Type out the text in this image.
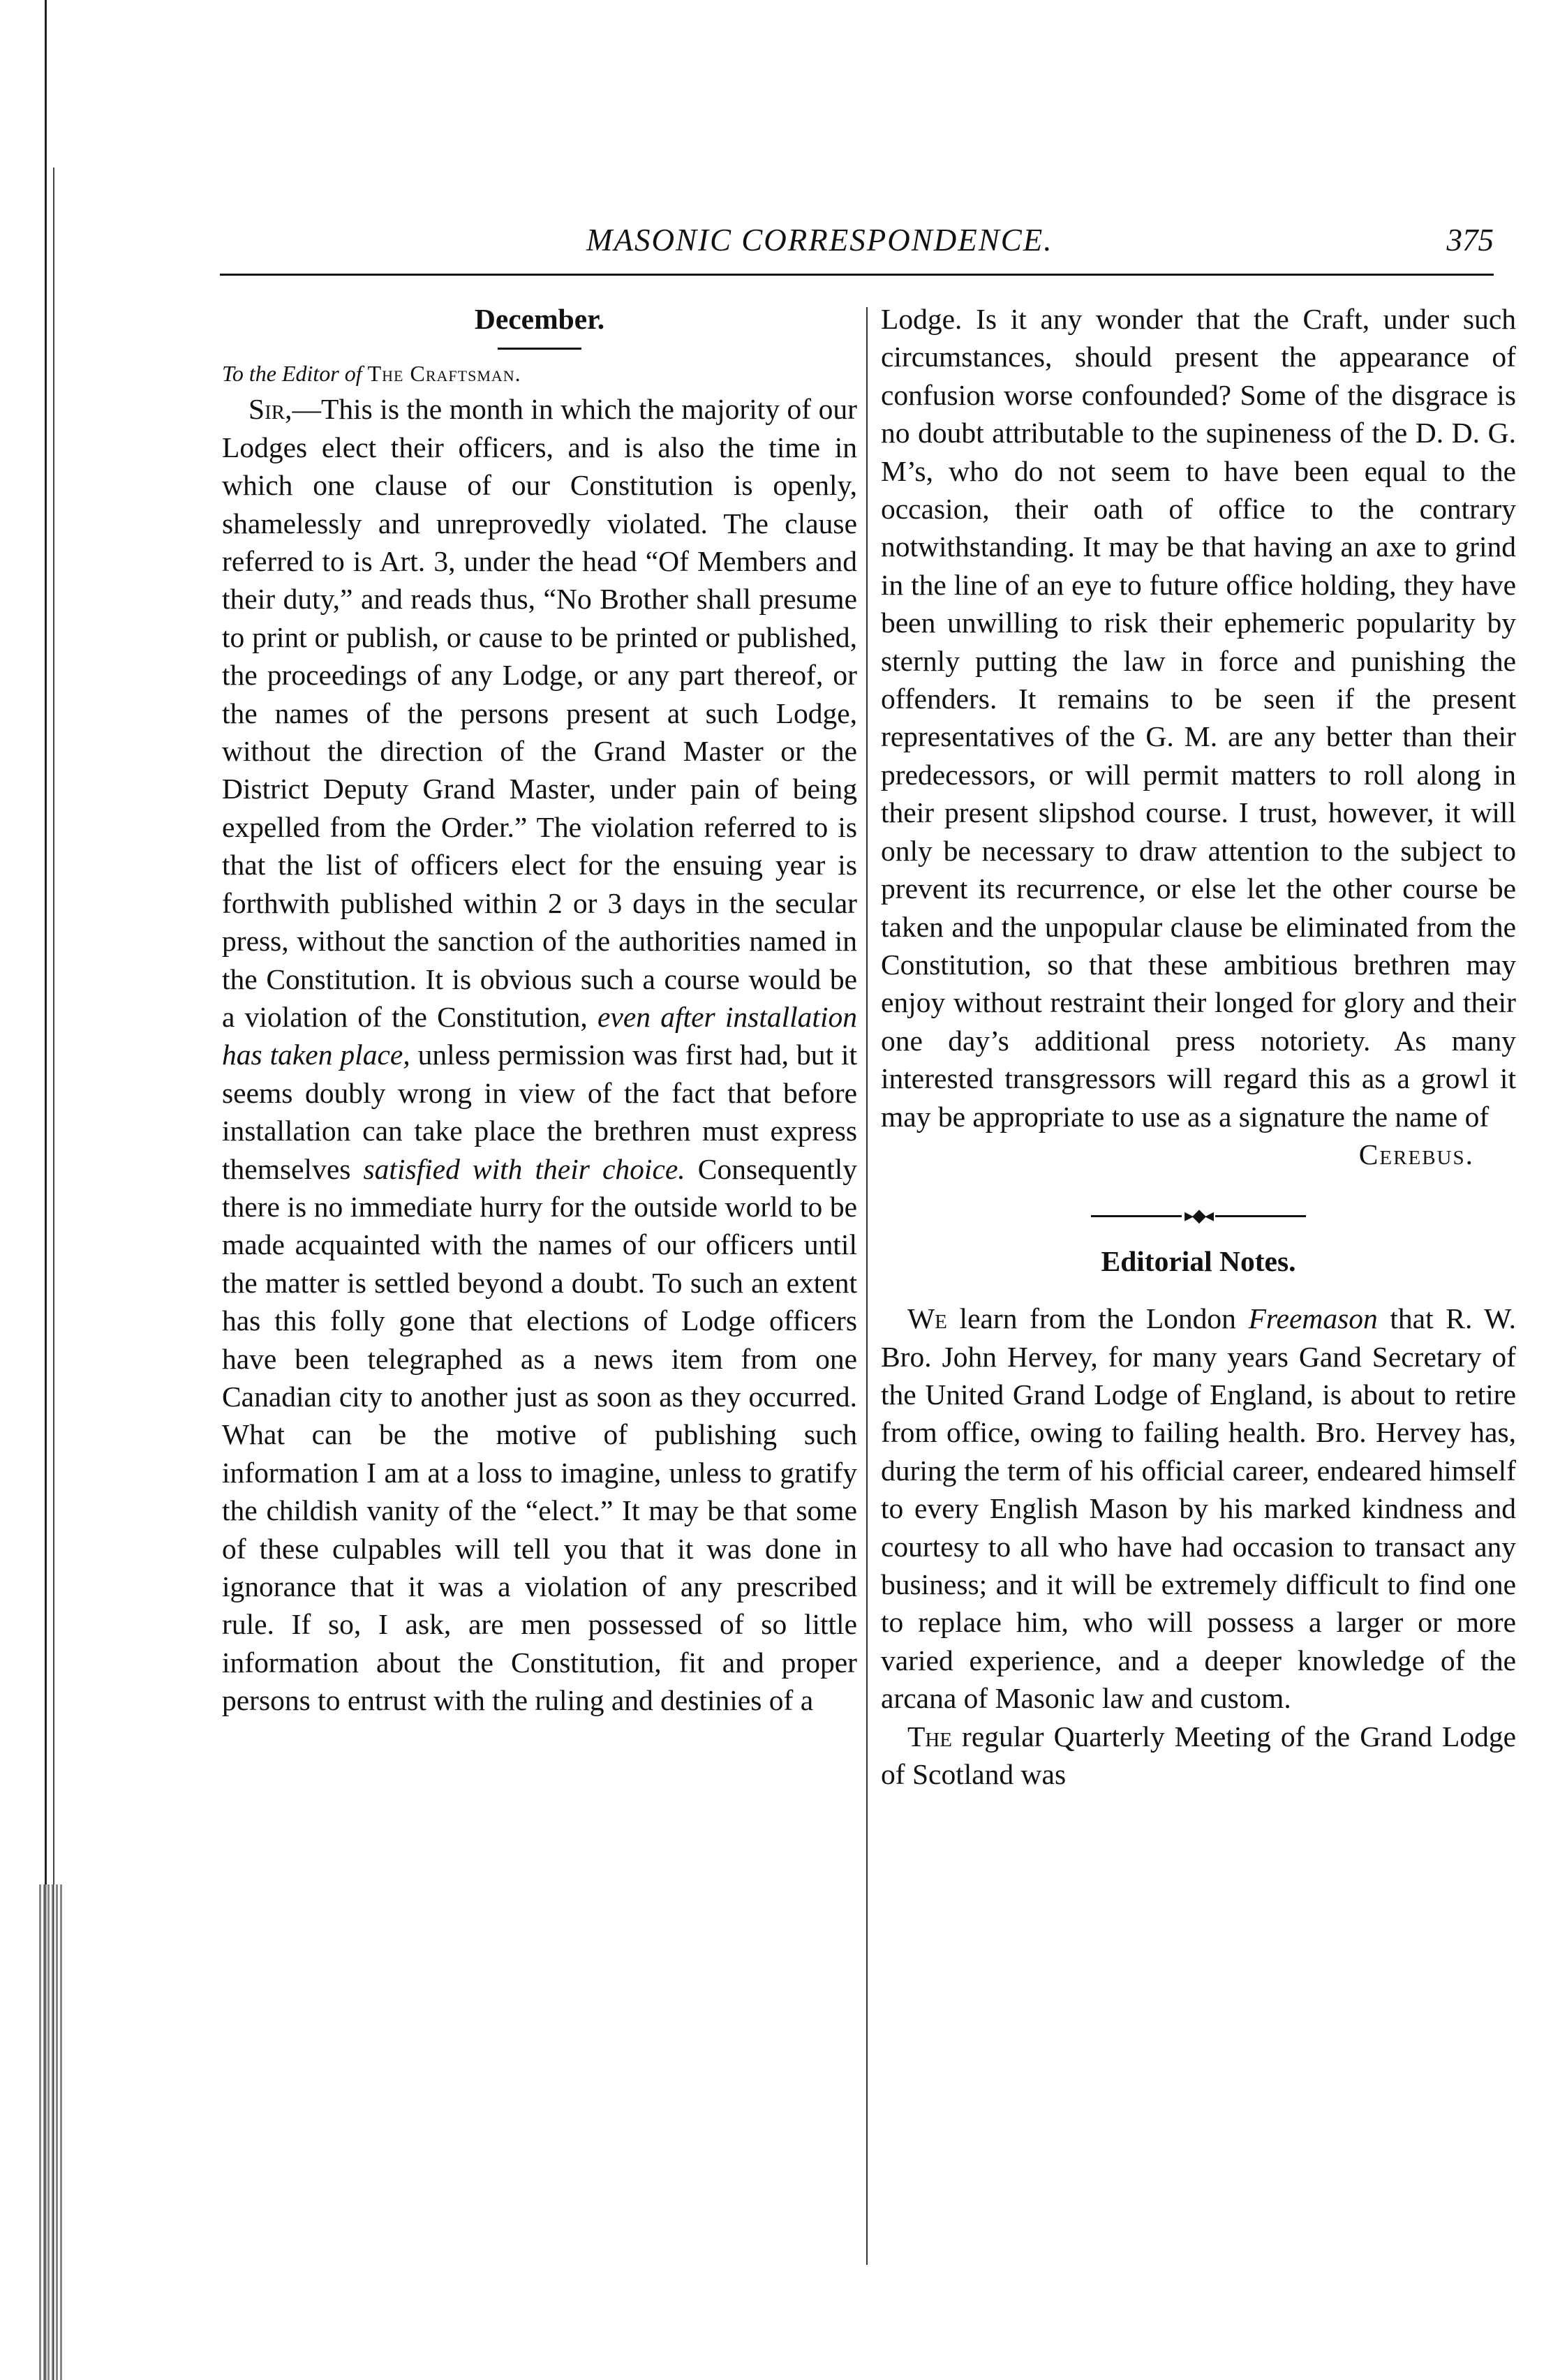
MASONIC CORRESPONDENCE.	375

December.

To the Editor of The Craftsman.

Sir,—This is the month in which the majority of our Lodges elect their officers, and is also the time in which one clause of our Constitution is openly, shamelessly and unreprovedly violated. The clause referred to is Art. 3, under the head “Of Members and their duty,” and reads thus, “No Brother shall presume to print or publish, or cause to be printed or published, the proceedings of any Lodge, or any part thereof, or the names of the persons present at such Lodge, without the direction of the Grand Master or the District Deputy Grand Master, under pain of being expelled from the Order.” The violation referred to is that the list of officers elect for the ensuing year is forthwith published within 2 or 3 days in the secular press, without the sanction of the authorities named in the Constitution. It is obvious such a course would be a violation of the Constitution, even after installation has taken place, unless permission was first had, but it seems doubly wrong in view of the fact that before installation can take place the brethren must express themselves satisfied with their choice. Consequently there is no immediate hurry for the outside world to be made acquainted with the names of our officers until the matter is settled beyond a doubt. To such an extent has this folly gone that elections of Lodge officers have been telegraphed as a news item from one Canadian city to another just as soon as they occurred. What can be the motive of publishing such information I am at a loss to imagine, unless to gratify the childish vanity of the “elect.” It may be that some of these culpables will tell you that it was done in ignorance that it was a violation of any prescribed rule. If so, I ask, are men possessed of so little information about the Constitution, fit and proper persons to entrust with the ruling and destinies of a

Lodge. Is it any wonder that the Craft, under such circumstances, should present the appearance of confusion worse confounded? Some of the disgrace is no doubt attributable to the supineness of the D. D. G. M’s, who do not seem to have been equal to the occasion, their oath of office to the contrary notwithstanding. It may be that having an axe to grind in the line of an eye to future office holding, they have been unwilling to risk their ephemeric popularity by sternly putting the law in force and punishing the offenders. It remains to be seen if the present representatives of the G. M. are any better than their predecessors, or will permit matters to roll along in their present slipshod course. I trust, however, it will only be necessary to draw attention to the subject to prevent its recurrence, or else let the other course be taken and the unpopular clause be eliminated from the Constitution, so that these ambitious brethren may enjoy without restraint their longed for glory and their one day’s additional press notoriety. As many interested transgressors will regard this as a growl it may be appropriate to use as a signature the name of

Cerebus.

▸◆◂

Editorial Notes.

We learn from the London Freemason that R. W. Bro. John Hervey, for many years Gand Secretary of the United Grand Lodge of England, is about to retire from office, owing to failing health. Bro. Hervey has, during the term of his official career, endeared himself to every English Mason by his marked kindness and courtesy to all who have had occasion to transact any business; and it will be extremely difficult to find one to replace him, who will possess a larger or more varied experience, and a deeper knowledge of the arcana of Masonic law and custom.

The regular Quarterly Meeting of the Grand Lodge of Scotland was
